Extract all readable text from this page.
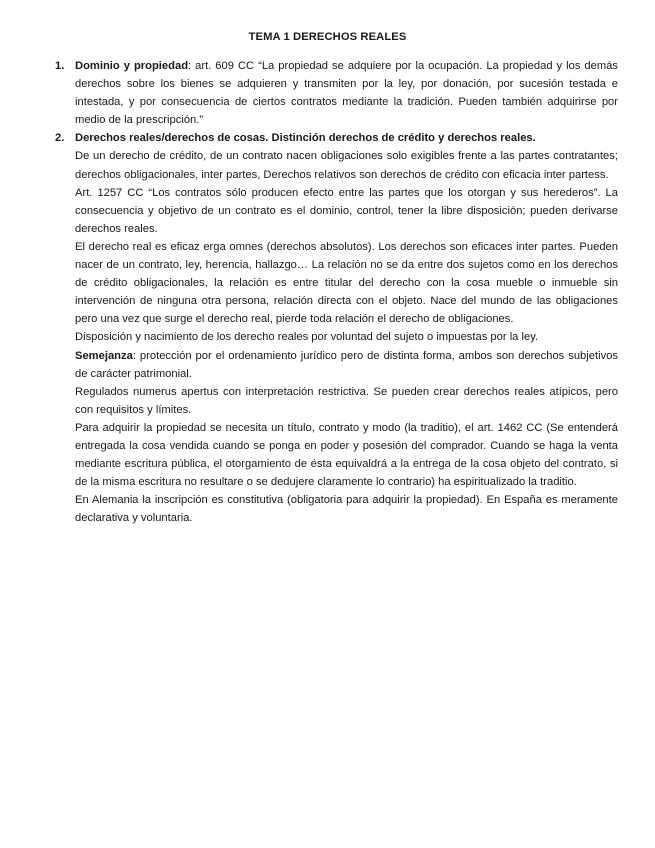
TEMA 1 DERECHOS REALES
1. Dominio y propiedad: art. 609 CC “La propiedad se adquiere por la ocupación. La propiedad y los demás derechos sobre los bienes se adquieren y transmiten por la ley, por donación, por sucesión testada e intestada, y por consecuencia de ciertos contratos mediante la tradición. Pueden también adquirirse por medio de la prescripción.”

2. Derechos reales/derechos de cosas. Distinción derechos de crédito y derechos reales.

De un derecho de crédito, de un contrato nacen obligaciones solo exigibles frente a las partes contratantes; derechos obligacionales, inter partes, Derechos relativos son derechos de crédito con eficacia inter partess.

Art. 1257 CC “Los contratos sólo producen efecto entre las partes que los otorgan y sus herederos”. La consecuencia y objetivo de un contrato es el dominio, control, tener la libre disposición; pueden derivarse derechos reales.

El derecho real es eficaz erga omnes (derechos absolutos). Los derechos son eficaces inter partes. Pueden nacer de un contrato, ley, herencia, hallazgo… La relación no se da entre dos sujetos como en los derechos de crédito obligacionales, la relación es entre titular del derecho con la cosa mueble o inmueble sin intervención de ninguna otra persona, relación directa con el objeto. Nace del mundo de las obligaciones pero una vez que surge el derecho real, pierde toda relación el derecho de obligaciones.

Disposición y nacimiento de los derecho reales por voluntad del sujeto o impuestas por la ley.

Semejanza: protección por el ordenamiento jurídico pero de distinta forma, ambos son derechos subjetivos de carácter patrimonial.

Regulados numerus apertus con interpretación restrictiva. Se pueden crear derechos reales atípicos, pero con requisitos y límites.

Para adquirir la propiedad se necesita un título, contrato y modo (la traditio), el art. 1462 CC (Se entenderá entregada la cosa vendida cuando se ponga en poder y posesión del comprador. Cuando se haga la venta mediante escritura pública, el otorgamiento de ésta equivaldrá a la entrega de la cosa objeto del contrato, si de la misma escritura no resultare o se dedujere claramente lo contrario) ha espiritualizado la traditio.

En Alemania la inscripción es constitutiva (obligatoria para adquirir la propiedad). En España es meramente declarativa y voluntaria.
